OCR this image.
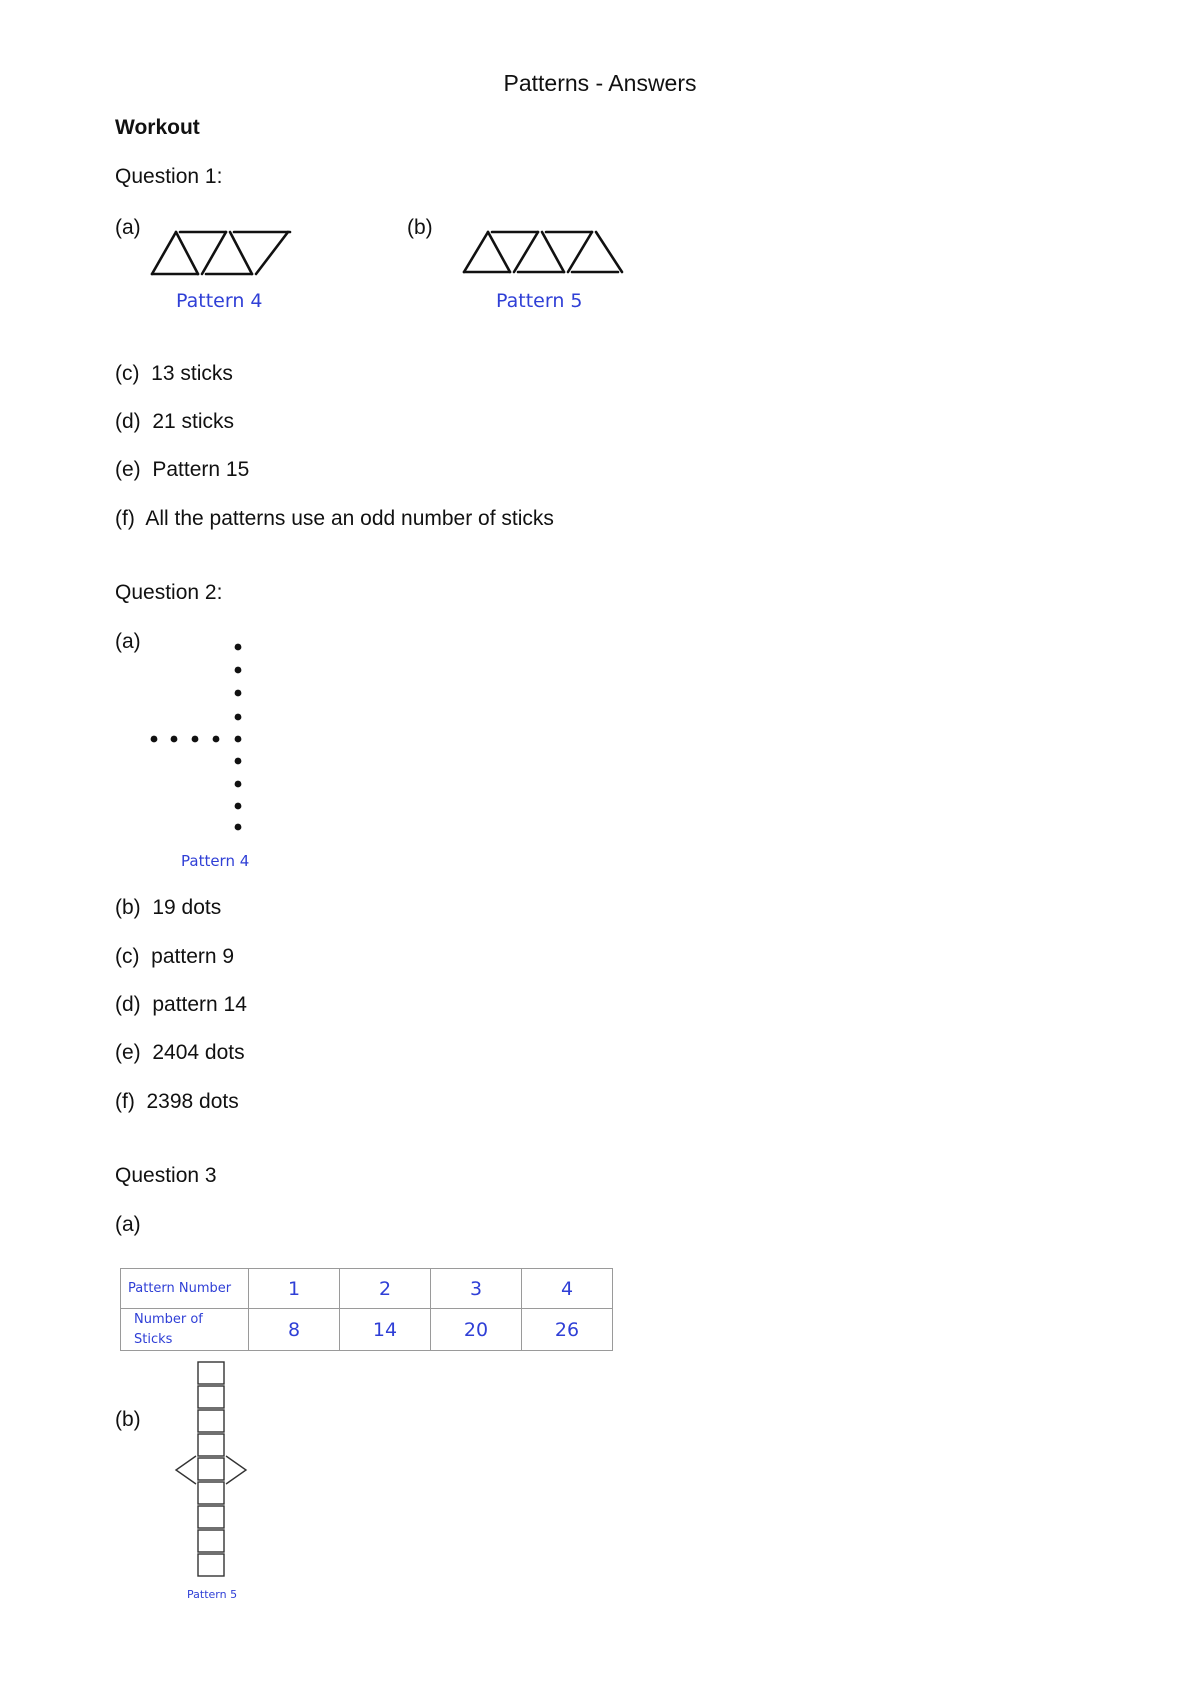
Patterns - Answers
Workout
Question 1:
(a)
Pattern 4
(b)
Pattern 5
(c) 13 sticks
(d) 21 sticks
(e) Pattern 15
(f) All the patterns use an odd number of sticks
Question 2:
(a)
Pattern 4
(b) 19 dots
(c) pattern 9
(d) pattern 14
(e) 2404 dots
(f) 2398 dots
Question 3
(a)
Pattern Number	1	2	3	4
Number of
Sticks	8	14	20	26
(b)
Pattern 5
